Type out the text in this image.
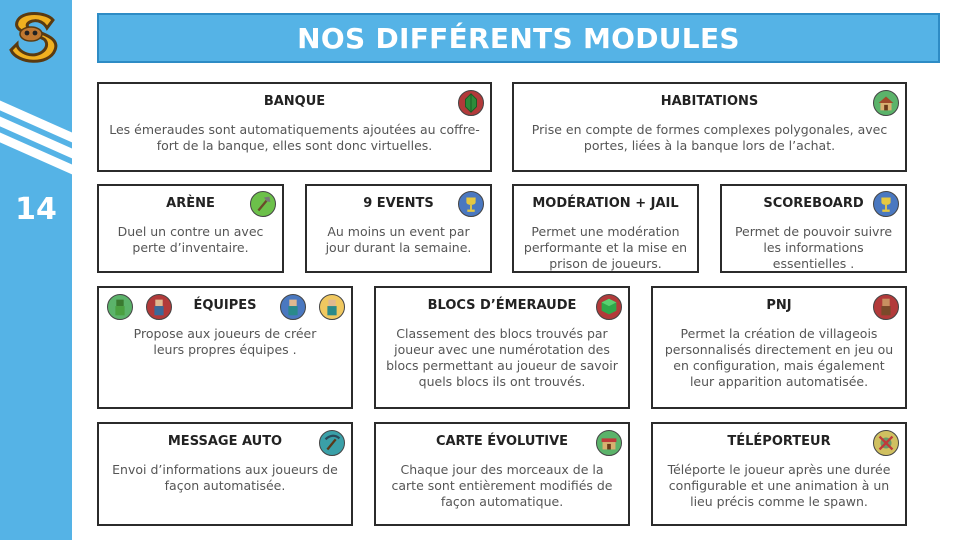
14
NOS DIFFÉRENTS MODULES
BANQUE
Les émeraudes sont automatiquements ajoutées au coffre-fort de la banque, elles sont donc virtuelles.
HABITATIONS
Prise en compte de formes complexes polygonales, avec portes, liées à la banque lors de l’achat.
ARÈNE
Duel un contre un avec perte d’inventaire.
9 EVENTS
Au moins un event par jour durant la semaine.
MODÉRATION + JAIL
Permet une modération performante et la mise en prison de joueurs.
SCOREBOARD
Permet de pouvoir suivre les informations essentielles .
ÉQUIPES
Propose aux joueurs de créer leurs propres équipes .
BLOCS D’ÉMERAUDE
Classement des blocs trouvés par joueur avec une numérotation des blocs permettant au joueur de savoir quels blocs ils ont trouvés.
PNJ
Permet la création de villageois personnalisés directement en jeu ou en configuration, mais également leur apparition automatisée.
MESSAGE AUTO
Envoi d’informations aux joueurs de façon automatisée.
CARTE ÉVOLUTIVE
Chaque jour des morceaux de la carte sont entièrement modifiés de façon automatique.
TÉLÉPORTEUR
Téléporte le joueur après une durée configurable et une animation à un lieu précis comme le spawn.
